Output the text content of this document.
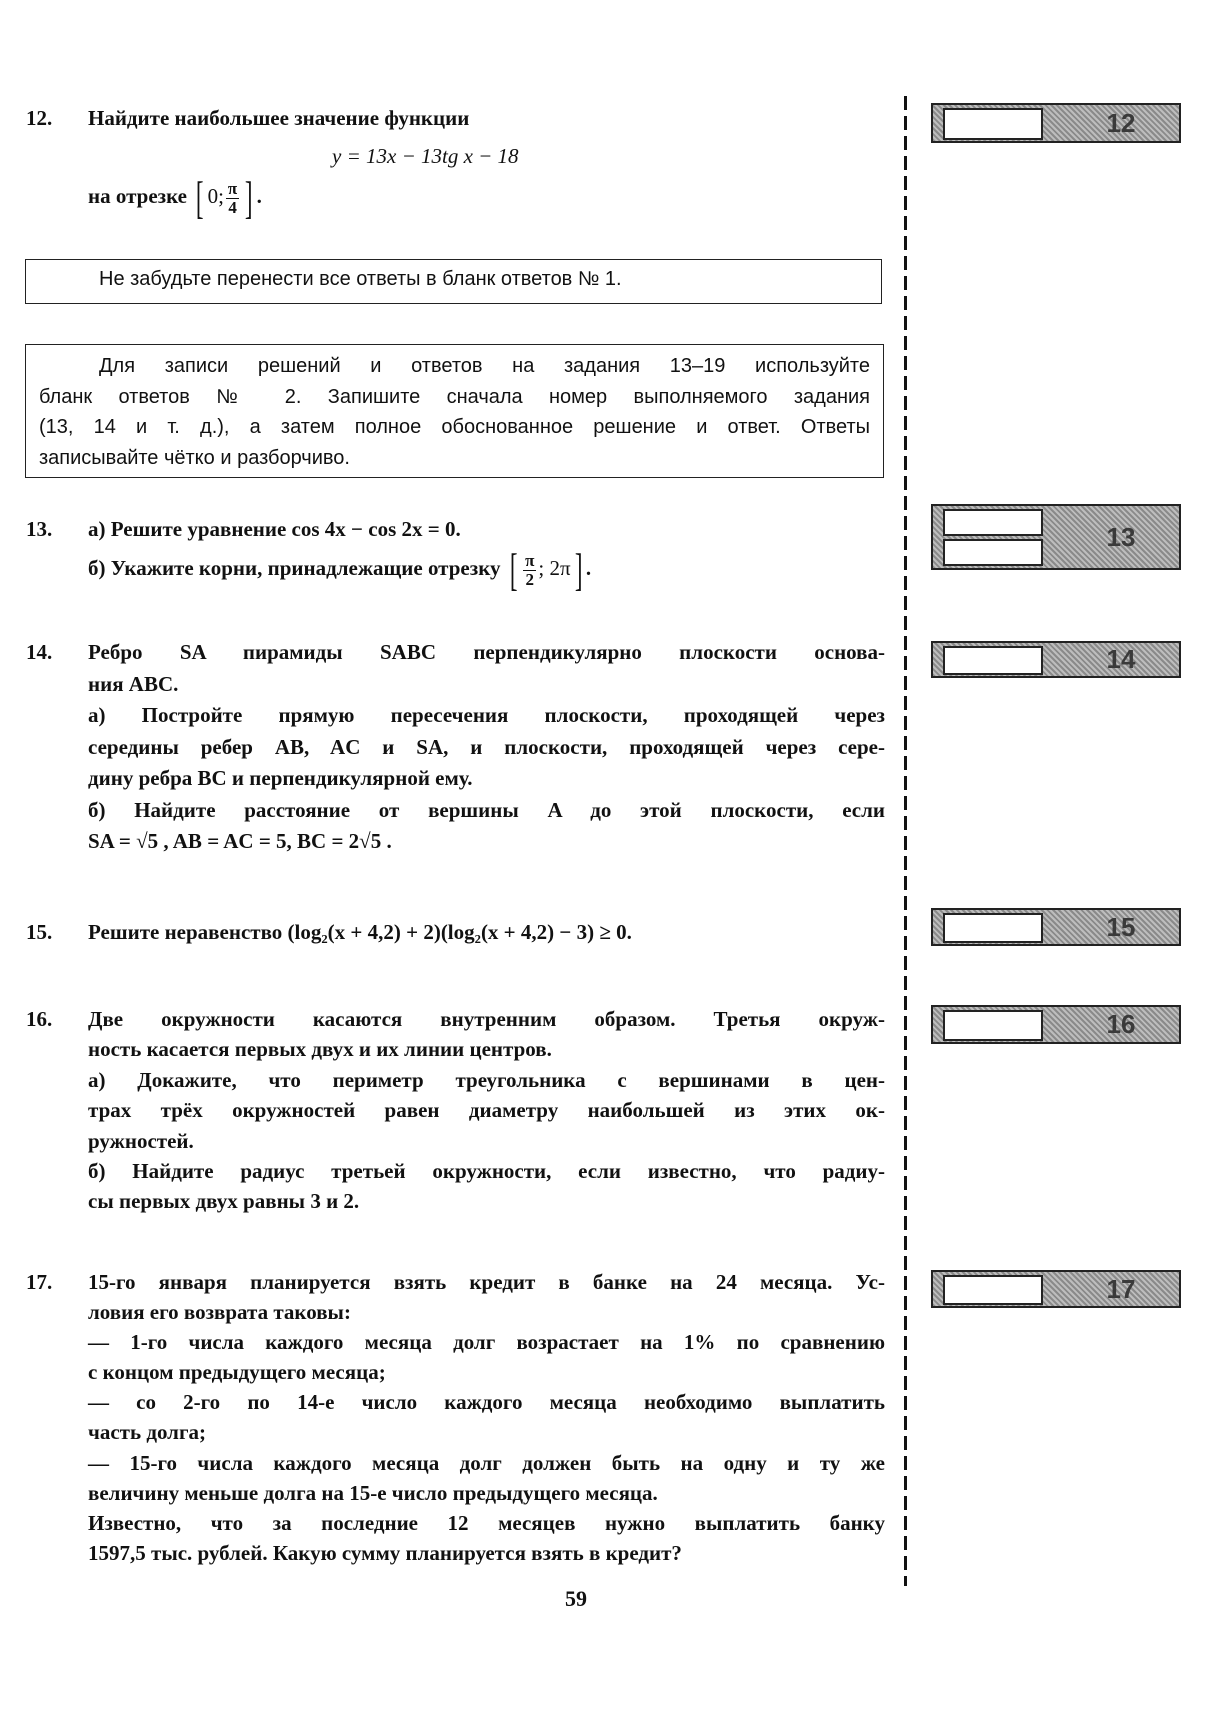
12. Найдите наибольшее значение функции
y = 13x − 13tg x − 18
на отрезке [ 0; $\frac{\pi}{4}$ ] .
Не забудьте перенести все ответы в бланк ответов № 1.
Для записи решений и ответов на задания 13–19 используйте
бланк ответов № 2. Запишите сначала номер выполняемого задания
(13, 14 и т. д.), а затем полное обоснованное решение и ответ. Ответы
записывайте чётко и разборчиво.
13. а) Решите уравнение cos 4x − cos 2x = 0.
б) Укажите корни, принадлежащие отрезку [ $\frac{\pi}{2}$ ; 2π] .
14. Ребро SA пирамиды SABC перпендикулярно плоскости основа-
ния ABC.
а) Постройте прямую пересечения плоскости, проходящей через
середины ребер AB, AC и SA, и плоскости, проходящей через сере-
дину ребра BC и перпендикулярной ему.
б) Найдите расстояние от вершины A до этой плоскости, если
SA = √5 , AB = AC = 5, BC = 2√5 .
15. Решите неравенство (log₂(x + 4,2) + 2)(log₂(x + 4,2) − 3) ≥ 0.
16. Две окружности касаются внутренним образом. Третья окруж-
ность касается первых двух и их линии центров.
а) Докажите, что периметр треугольника с вершинами в цен-
трах трёх окружностей равен диаметру наибольшей из этих ок-
ружностей.
б) Найдите радиус третьей окружности, если известно, что радиу-
сы первых двух равны 3 и 2.
17. 15-го января планируется взять кредит в банке на 24 месяца. Ус-
ловия его возврата таковы:
— 1-го числа каждого месяца долг возрастает на 1% по сравнению
с концом предыдущего месяца;
— со 2-го по 14-е число каждого месяца необходимо выплатить
часть долга;
— 15-го числа каждого месяца долг должен быть на одну и ту же
величину меньше долга на 15-е число предыдущего месяца.
Известно, что за последние 12 месяцев нужно выплатить банку
1597,5 тыс. рублей. Какую сумму планируется взять в кредит?
12
13
14
15
16
17
59
